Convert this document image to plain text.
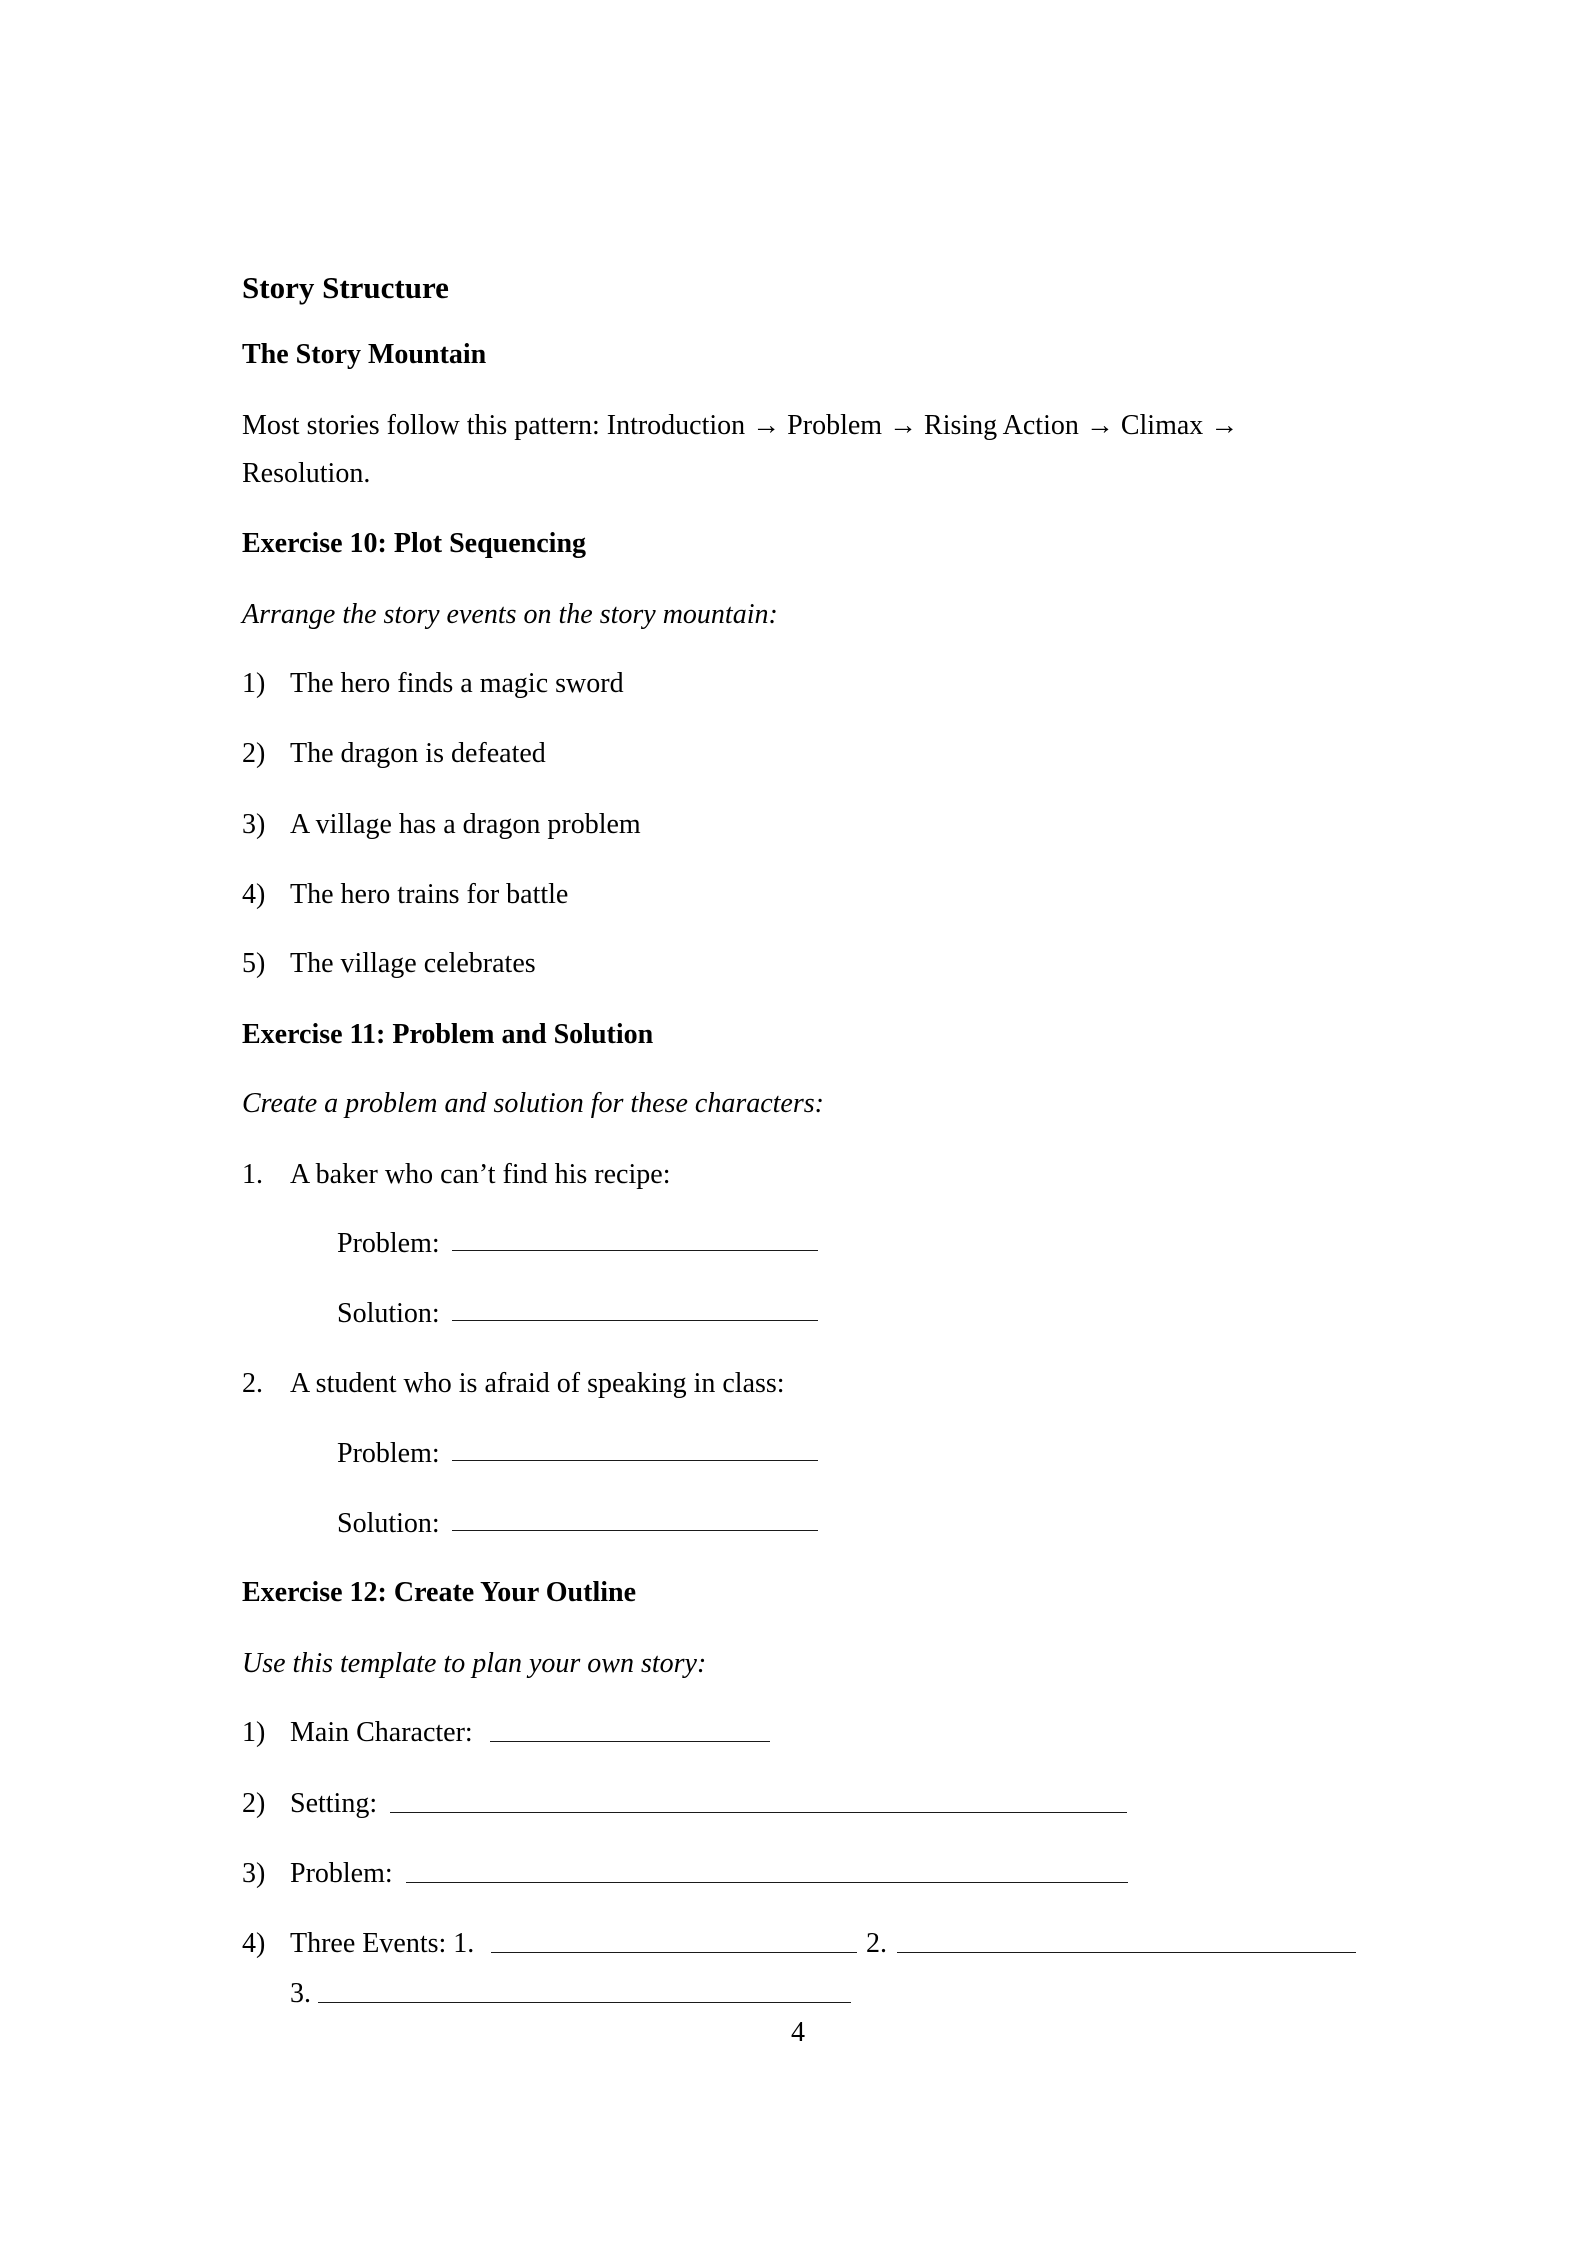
Story Structure
The Story Mountain
Most stories follow this pattern: Introduction → Problem → Rising Action → Climax →
Resolution.
Exercise 10: Plot Sequencing
Arrange the story events on the story mountain:
1) The hero finds a magic sword
2) The dragon is defeated
3) A village has a dragon problem
4) The hero trains for battle
5) The village celebrates
Exercise 11: Problem and Solution
Create a problem and solution for these characters:
1. A baker who can’t find his recipe:
Problem:
Solution:
2. A student who is afraid of speaking in class:
Problem:
Solution:
Exercise 12: Create Your Outline
Use this template to plan your own story:
1) Main Character:
2) Setting:
3) Problem:
4) Three Events: 1.	2.
3.
4
